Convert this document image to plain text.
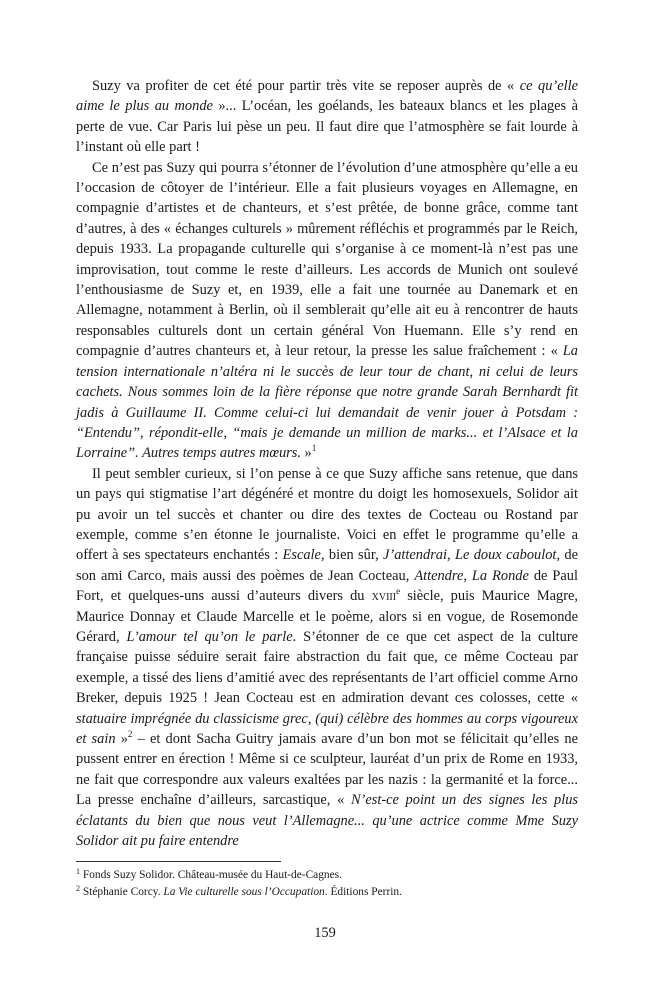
Suzy va profiter de cet été pour partir très vite se reposer auprès de « ce qu’elle aime le plus au monde »... L’océan, les goélands, les bateaux blancs et les plages à perte de vue. Car Paris lui pèse un peu. Il faut dire que l’atmosphère se fait lourde à l’instant où elle part !

Ce n’est pas Suzy qui pourra s’étonner de l’évolution d’une atmosphère qu’elle a eu l’occasion de côtoyer de l’intérieur. Elle a fait plusieurs voyages en Allemagne, en compagnie d’artistes et de chanteurs, et s’est prêtée, de bonne grâce, comme tant d’autres, à des « échanges culturels » mûrement réfléchis et programmés par le Reich, depuis 1933. La propagande culturelle qui s’organise à ce moment-là n’est pas une improvisation, tout comme le reste d’ailleurs. Les accords de Munich ont soulevé l’enthousiasme de Suzy et, en 1939, elle a fait une tournée au Danemark et en Allemagne, notamment à Berlin, où il semblerait qu’elle ait eu à rencontrer de hauts responsables culturels dont un certain général Von Huemann. Elle s’y rend en compagnie d’autres chanteurs et, à leur retour, la presse les salue fraîchement : « La tension internationale n’altéra ni le succès de leur tour de chant, ni celui de leurs cachets. Nous sommes loin de la fière réponse que notre grande Sarah Bernhardt fit jadis à Guillaume II. Comme celui-ci lui demandait de venir jouer à Potsdam : “Entendu”, répondit-elle, “mais je demande un million de marks... et l’Alsace et la Lorraine”. Autres temps autres mœurs. »$^1$

Il peut sembler curieux, si l’on pense à ce que Suzy affiche sans retenue, que dans un pays qui stigmatise l’art dégénéré et montre du doigt les homosexuels, Solidor ait pu avoir un tel succès et chanter ou dire des textes de Cocteau ou Rostand par exemple, comme s’en étonne le journaliste. Voici en effet le programme qu’elle a offert à ses spectateurs enchantés : Escale, bien sûr, J’attendrai, Le doux caboulot, de son ami Carco, mais aussi des poèmes de Jean Cocteau, Attendre, La Ronde de Paul Fort, et quelques-uns aussi d’auteurs divers du xviii$^e$ siècle, puis Maurice Magre, Maurice Donnay et Claude Marcelle et le poème, alors si en vogue, de Rosemonde Gérard, L’amour tel qu’on le parle. S’étonner de ce que cet aspect de la culture française puisse séduire serait faire abstraction du fait que, ce même Cocteau par exemple, a tissé des liens d’amitié avec des représentants de l’art officiel comme Arno Breker, depuis 1925 ! Jean Cocteau est en admiration devant ces colosses, cette « statuaire imprégnée du classicisme grec, (qui) célèbre des hommes au corps vigoureux et sain »$^2$ – et dont Sacha Guitry jamais avare d’un bon mot se félicitait qu’elles ne pussent entrer en érection ! Même si ce sculpteur, lauréat d’un prix de Rome en 1933, ne fait que correspondre aux valeurs exaltées par les nazis : la germanité et la force... La presse enchaîne d’ailleurs, sarcastique, « N’est-ce point un des signes les plus éclatants du bien que nous veut l’Allemagne... qu’une actrice comme Mme Suzy Solidor ait pu faire entendre

$^1$ Fonds Suzy Solidor. Château-musée du Haut-de-Cagnes.

$^2$ Stéphanie Corcy. La Vie culturelle sous l’Occupation. Éditions Perrin.

159
